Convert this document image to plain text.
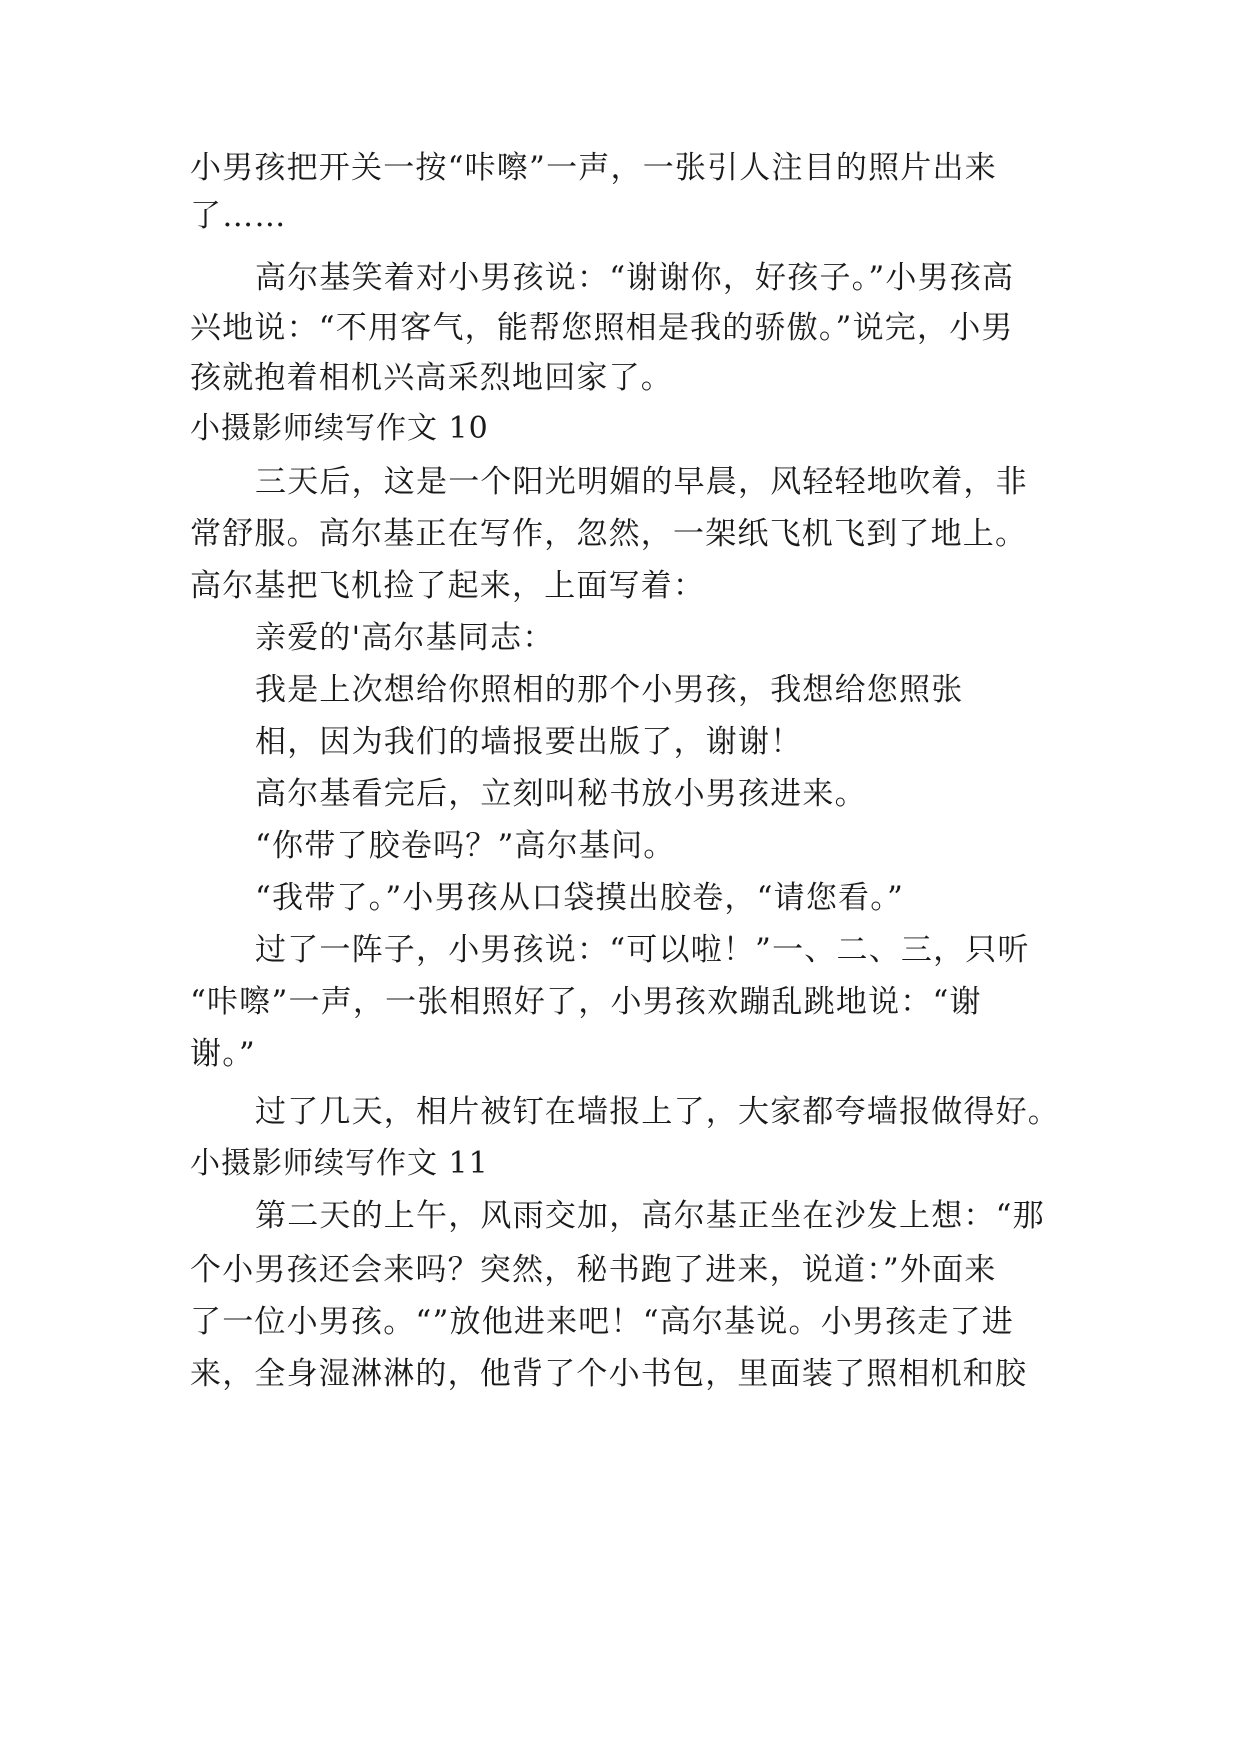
小男孩把开关一按“咔嚓”一声，一张引人注目的照片出来

了……

高尔基笑着对小男孩说：“谢谢你，好孩子。”小男孩高

兴地说：“不用客气，能帮您照相是我的骄傲。”说完，小男

孩就抱着相机兴高采烈地回家了。

小摄影师续写作文 10

三天后，这是一个阳光明媚的早晨，风轻轻地吹着，非

常舒服。高尔基正在写作，忽然，一架纸飞机飞到了地上。

高尔基把飞机捡了起来，上面写着：

亲爱的'高尔基同志：

我是上次想给你照相的那个小男孩，我想给您照张

相，因为我们的墙报要出版了，谢谢！

高尔基看完后，立刻叫秘书放小男孩进来。

“你带了胶卷吗？”高尔基问。

“我带了。”小男孩从口袋摸出胶卷，“请您看。”

过了一阵子，小男孩说：“可以啦！”一、二、三，只听

“咔嚓”一声，一张相照好了，小男孩欢蹦乱跳地说：“谢

谢。”

过了几天，相片被钉在墙报上了，大家都夸墙报做得好。

小摄影师续写作文 11

第二天的上午，风雨交加，高尔基正坐在沙发上想：“那

个小男孩还会来吗？突然，秘书跑了进来，说道：”外面来

了一位小男孩。“”放他进来吧！“高尔基说。小男孩走了进

来，全身湿淋淋的，他背了个小书包，里面装了照相机和胶
